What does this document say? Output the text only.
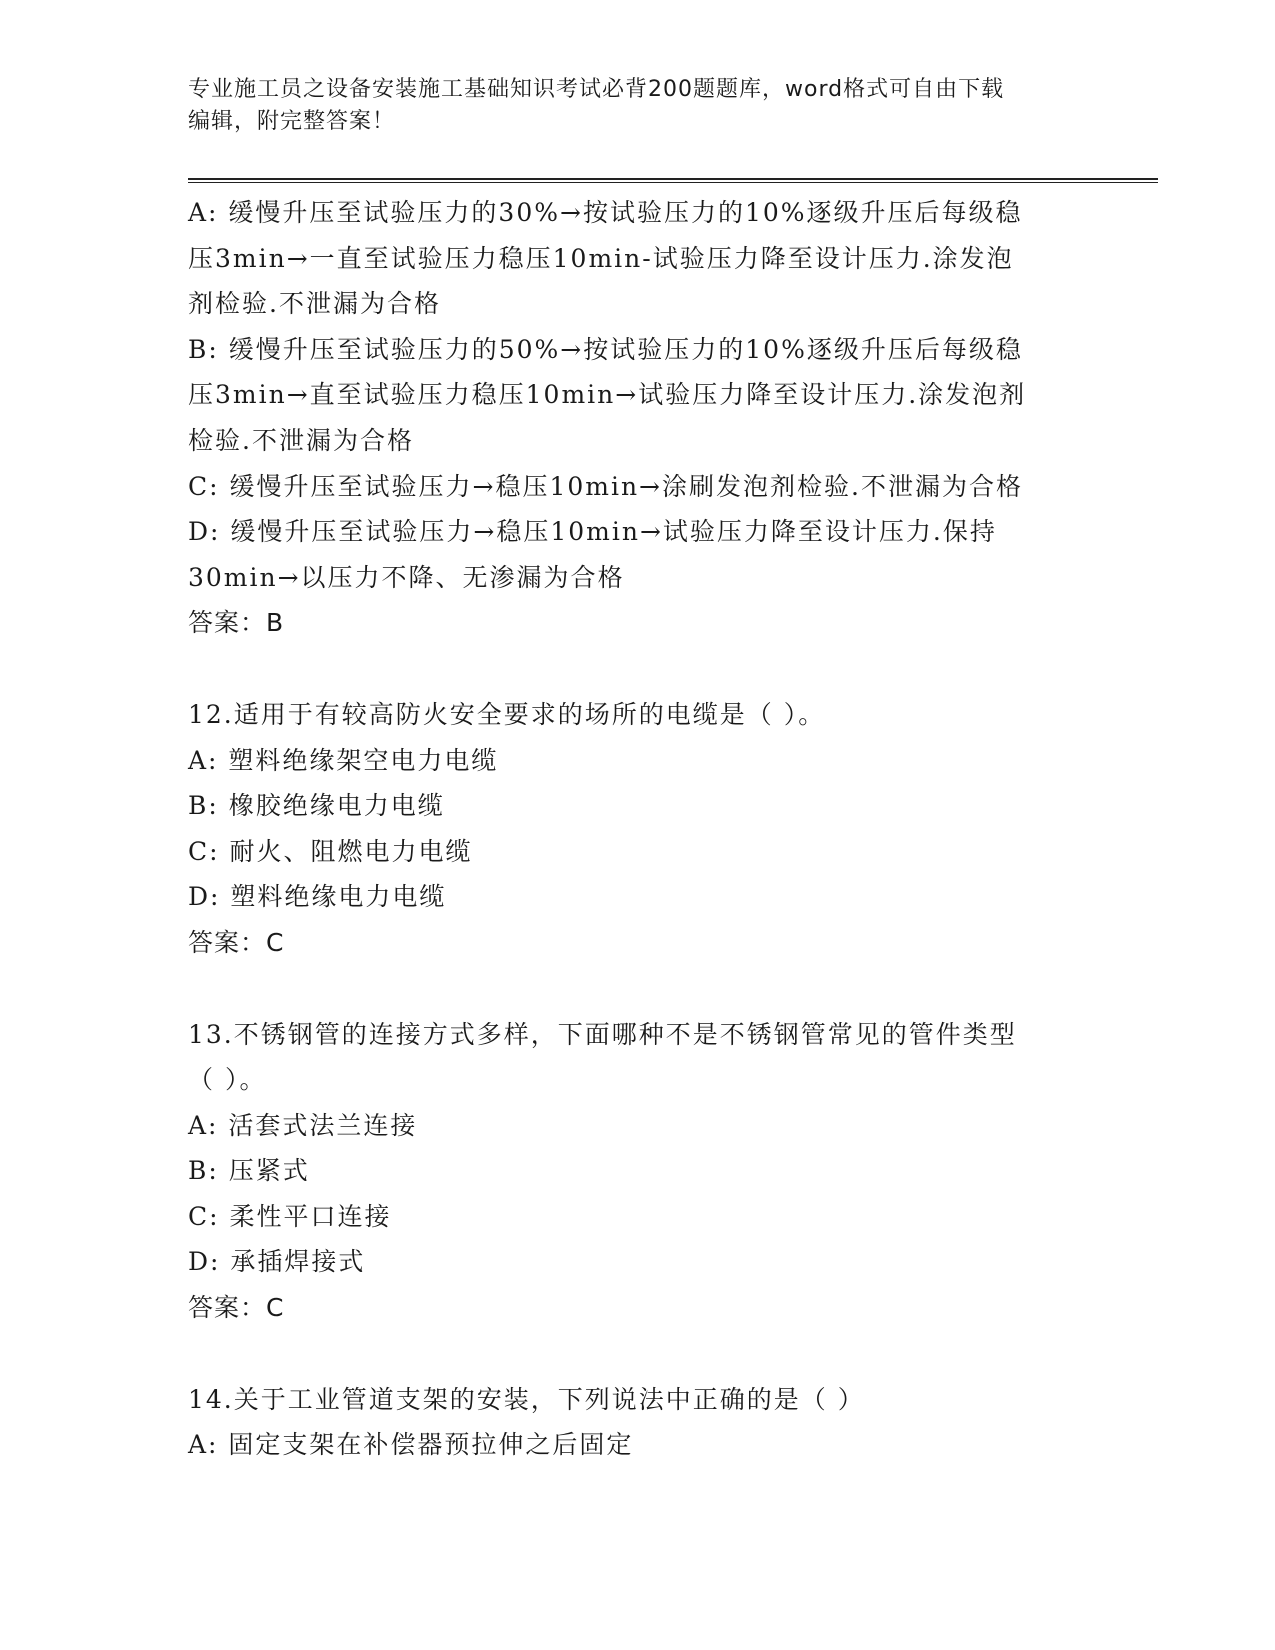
专业施工员之设备安装施工基础知识考试必背200题题库，word格式可自由下载
编辑，附完整答案！

A: 缓慢升压至试验压力的30%→按试验压力的10%逐级升压后每级稳

压3min→一直至试验压力稳压10min-试验压力降至设计压力.涂发泡

剂检验.不泄漏为合格

B: 缓慢升压至试验压力的50%→按试验压力的10%逐级升压后每级稳

压3min→直至试验压力稳压10min→试验压力降至设计压力.涂发泡剂

检验.不泄漏为合格

C: 缓慢升压至试验压力→稳压10min→涂刷发泡剂检验.不泄漏为合格

D: 缓慢升压至试验压力→稳压10min→试验压力降至设计压力.保持

30min→以压力不降、无渗漏为合格

答案：B

12.适用于有较高防火安全要求的场所的电缆是（ ）。

A: 塑料绝缘架空电力电缆

B: 橡胶绝缘电力电缆

C: 耐火、阻燃电力电缆

D: 塑料绝缘电力电缆

答案：C

13.不锈钢管的连接方式多样，下面哪种不是不锈钢管常见的管件类型

（ ）。

A: 活套式法兰连接

B: 压紧式

C: 柔性平口连接

D: 承插焊接式

答案：C

14.关于工业管道支架的安装，下列说法中正确的是（ ）

A: 固定支架在补偿器预拉伸之后固定
